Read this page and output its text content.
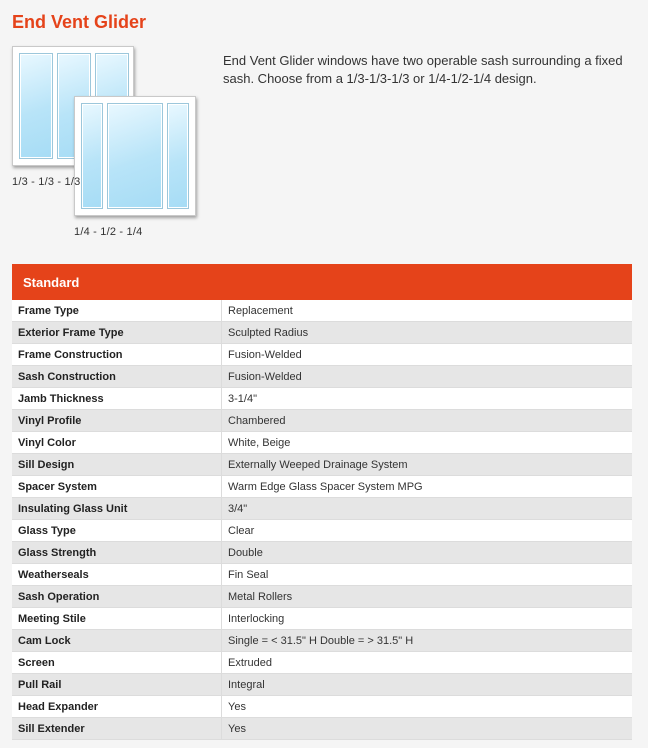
End Vent Glider
1/3 - 1/3 - 1/3
1/4 - 1/2 - 1/4

End Vent Glider windows have two operable sash surrounding a fixed sash. Choose from a 1/3-1/3-1/3 or 1/4-1/2-1/4 design.

Standard	
Frame Type	Replacement
Exterior Frame Type	Sculpted Radius
Frame Construction	Fusion-Welded
Sash Construction	Fusion-Welded
Jamb Thickness	3-1/4"
Vinyl Profile	Chambered
Vinyl Color	White, Beige
Sill Design	Externally Weeped Drainage System
Spacer System	Warm Edge Glass Spacer System MPG
Insulating Glass Unit	3/4"
Glass Type	Clear
Glass Strength	Double
Weatherseals	Fin Seal
Sash Operation	Metal Rollers
Meeting Stile	Interlocking
Cam Lock	Single = < 31.5" H Double = > 31.5" H
Screen	Extruded
Pull Rail	Integral
Head Expander	Yes
Sill Extender	Yes
